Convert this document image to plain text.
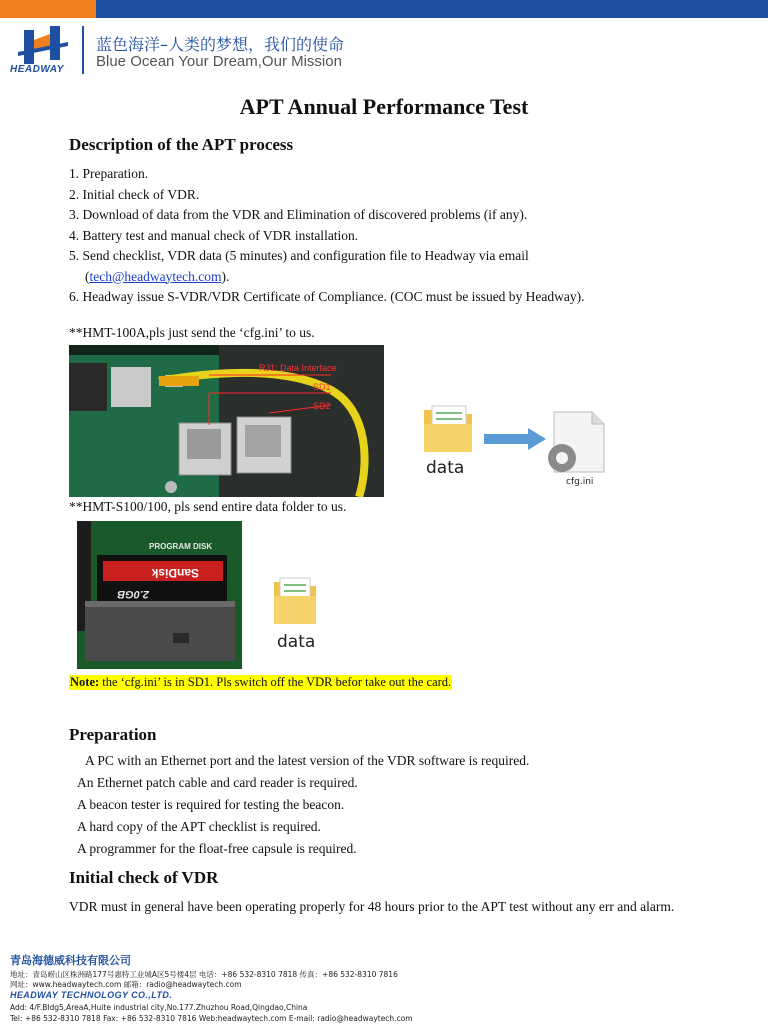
HEADWAY
蓝色海洋–人类的梦想，我们的使命
Blue Ocean Your Dream,Our Mission
APT Annual Performance Test
Description of the APT process
1. Preparation.
2. Initial check of VDR.
3. Download of data from the VDR and Elimination of discovered problems (if any).
4. Battery test and manual check of VDR installation.
5. Send checklist, VDR data (5 minutes) and configuration file to Headway via email
(tech@headwaytech.com).
6. Headway issue S-VDR/VDR Certificate of Compliance. (COC must be issued by Headway).
**HMT-100A,pls just send the ‘cfg.ini’ to us.
RJ1: Data Interface
SD1
SD2
data
cfg.ini
**HMT-S100/100, pls send entire data folder to us.
PROGRAM DISK
SanDisk
2.0GB
data
Note: the ‘cfg.ini’ is in SD1. Pls switch off the VDR befor take out the card.
Preparation
A PC with an Ethernet port and the latest version of the VDR software is required.
An Ethernet patch cable and card reader is required.
A beacon tester is required for testing the beacon.
A hard copy of the APT checklist is required.
A programmer for the float-free capsule is required.
Initial check of VDR
VDR must in general have been operating properly for 48 hours prior to the APT test without any err and alarm.
青岛海德威科技有限公司
地址：青岛崂山区株洲路177号惠特工业城A区5号楼4层 电话：+86 532-8310 7818 传真：+86 532-8310 7816
网址：www.headwaytech.com 邮箱：radio@headwaytech.com
HEADWAY TECHNOLOGY CO.,LTD.
Add: 4/F.Bldg5,AreaA,Huite industrial city,No.177.Zhuzhou Road,Qingdao,China
Tel: +86 532-8310 7818 Fax: +86 532-8310 7816 Web:headwaytech.com E-mail: radio@headwaytech.com
